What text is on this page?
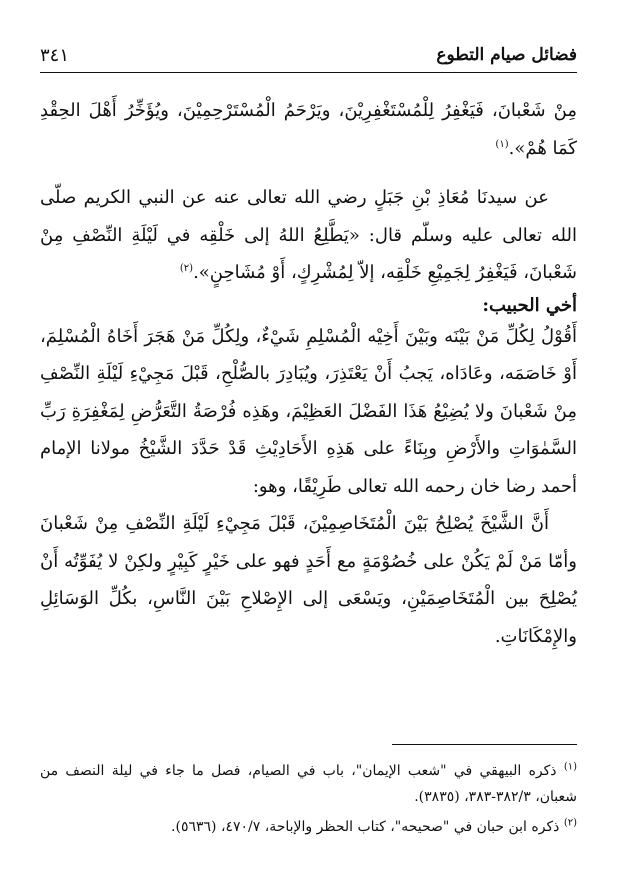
فضائل صيام التطوع
٣٤١

مِنْ شَعْبانَ، فَيَغْفِرُ لِلْمُسْتَغْفِرِيْنَ، ويَرْحَمُ الْمُسْتَرْحِمِيْنَ، ويُؤَخِّرُ أَهْلَ الحِقْدِ كَمَا هُمْ».$^{(١)}$

عن سيدنَا مُعَاذِ بْنِ جَبَلٍ رضي الله تعالى عنه عن النبي الكريم صلّى الله تعالى عليه وسلّم قال: «يَطَّلِعُ اللهُ إلى خَلْقِه في لَيْلَةِ النِّصْفِ مِنْ شَعْبانَ، فَيَغْفِرُ لِجَمِيْعِ خَلْقِه، إلاّ لِمُشْرِكٍ، أَوْ مُشَاحِنٍ».$^{(٢)}$

أخي الحبيب:

أَقُوْلُ لِكُلِّ مَنْ بَيْنَه وبَيْنَ أَخِيْه الْمُسْلِمِ شَيْءٌ، ولِكُلِّ مَنْ هَجَرَ أَخَاهُ الْمُسْلِمَ، أَوْ خَاصَمَه، وعَادَاه، يَجبُ أَنْ يَعْتَذِرَ، ويُبَادِرَ بالصُّلْحِ، قَبْلَ مَجِيْءِ لَيْلَةِ النِّصْفِ مِنْ شَعْبانَ ولا يُضِيْعُ هَذَا الفَضْلَ العَظِيْمَ، وهَذِه فُرْصَةُ التَّعَرُّضِ لِمَغْفِرَةِ رَبِّ السَّمٰوَاتِ والأَرْضِ وبِنَاءً على هَذِهِ الأَحَادِيْثِ قَدْ حَدَّدَ الشَّيْخُ مولانا الإمام أحمد رضا خان رحمه الله تعالى طَرِيْقًا، وهو:

أَنَّ الشَّيْخَ يُصْلِحُ بَيْنَ الْمُتَخَاصِمِيْنَ، قَبْلَ مَجِيْءِ لَيْلَةِ النِّصْفِ مِنْ شَعْبانَ وأمّا مَنْ لَمْ يَكُنْ على خُصُوْمَةٍ مع أَحَدٍ فهو على خَيْرٍ كَبِيْرٍ ولكِنْ لا يُفَوِّتُه أَنْ يُصْلِحَ بين الْمُتَخَاصِمَيْنِ، ويَسْعَى إلى الإِصْلاحِ بَيْنَ النَّاسِ، بكُلِّ الوَسَائِلِ والإِمْكَانَاتِ.

$^{(١)}$ ذكره البيهقي في "شعب الإيمان"، باب في الصيام، فصل ما جاء في ليلة النصف من شعبان، ٣٨٢/٣-٣٨٣، (٣٨٣٥).

$^{(٢)}$ ذكره ابن حبان في "صحيحه"، كتاب الحظر والإباحة، ٤٧٠/٧، (٥٦٣٦).
